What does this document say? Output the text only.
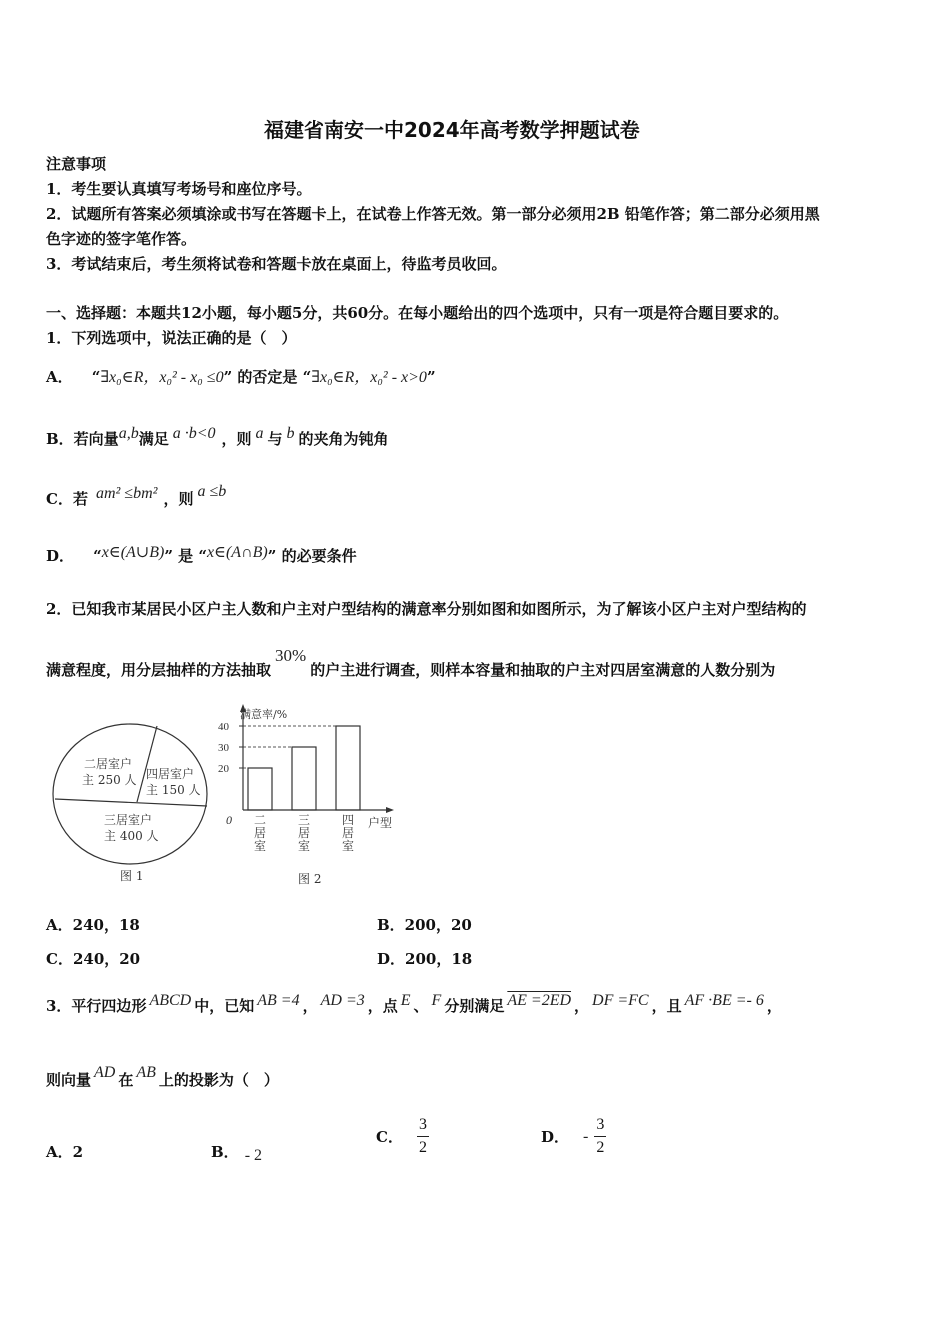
福建省南安一中2024年高考数学押题试卷
注意事项
1．考生要认真填写考场号和座位序号。
2．试题所有答案必须填涂或书写在答题卡上，在试卷上作答无效。第一部分必须用2B 铅笔作答；第二部分必须用黑
色字迹的签字笔作答。
3．考试结束后，考生须将试卷和答题卡放在桌面上，待监考员收回。
一、选择题：本题共12小题，每小题5分，共60分。在每小题给出的四个选项中，只有一项是符合题目要求的。
1．下列选项中，说法正确的是（　）
A． “∃x₀∈R，x₀² - x₀ ≤0” 的否定是 “∃x₀∈R，x₀² - x>0”
B．若向量a,b满足 a ·b<0 ，则 a 与 b 的夹角为钝角
C．若 am² ≤bm² ，则 a ≤b
D． “x∈(A∪B)” 是 “x∈(A∩B)” 的必要条件
2．已知我市某居民小区户主人数和户主对户型结构的满意率分别如图和如图所示，为了解该小区户主对户型结构的
满意程度，用分层抽样的方法抽取30%的户主进行调查，则样本容量和抽取的户主对四居室满意的人数分别为
二居室户
主 250 人 四居室户
主 150 人
三居室户
主 400 人
图 1
满意率/%
户型
0
图 2
20
30
40
二
居
室
三
居
室
四
居
室
A．240，18	B．200，20
C．240，20	D．200，18
3．平行四边形 ABCD 中，已知 AB =4 ， AD =3 ，点 E 、 F 分别满足 AE =2ED ， DF =FC ，且 AF ·BE =- 6 ，
则向量 AD 在 AB 上的投影为（　）
A．2	B． - 2
C． $\frac{3}{2}$	D． - $\frac{3}{2}$
